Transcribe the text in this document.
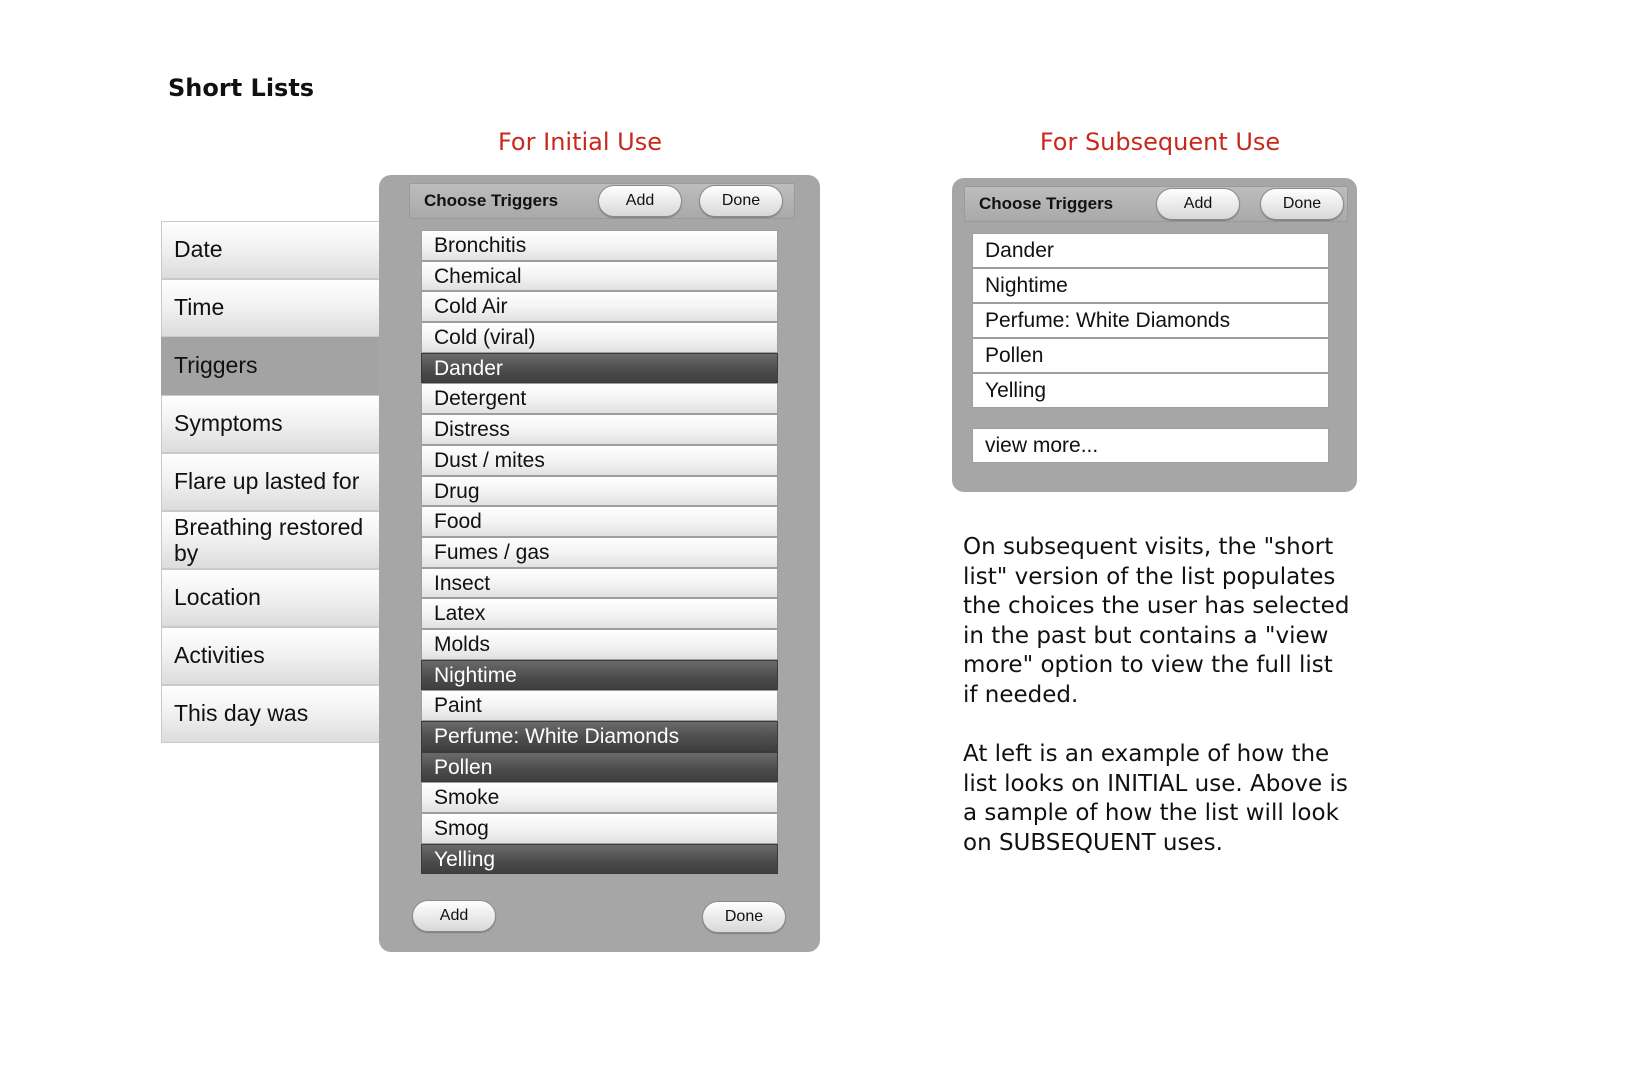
Short Lists
For Initial Use	For Subsequent Use
Date
Time
Triggers
Symptoms
Flare up lasted for
Breathing restored by
Location
Activities
This day was
Choose Triggers	Add	Done
Bronchitis
Chemical
Cold Air
Cold (viral)
Dander
Detergent
Distress
Dust / mites
Drug
Food
Fumes / gas
Insect
Latex
Molds
Nightime
Paint
Perfume: White Diamonds
Pollen
Smoke
Smog
Yelling
Add	Done
Choose Triggers	Add	Done
Dander
Nightime
Perfume: White Diamonds
Pollen
Yelling
view more...
On subsequent visits, the "short list" version of the list populates the choices the user has selected in the past but contains a "view more" option to view the full list if needed.
At left is an example of how the list looks on INITIAL use. Above is a sample of how the list will look on SUBSEQUENT uses.
